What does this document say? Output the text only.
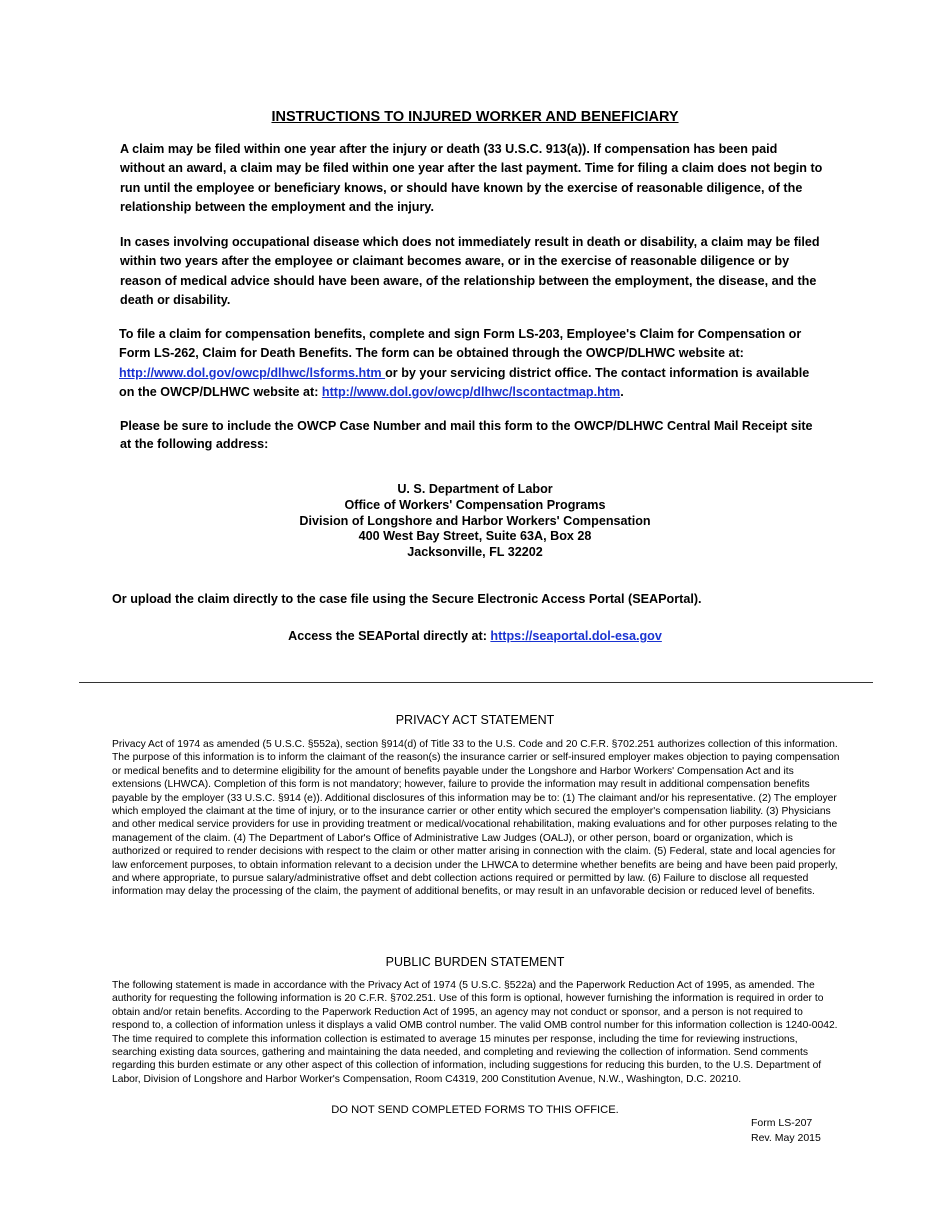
INSTRUCTIONS TO INJURED WORKER AND BENEFICIARY

A claim may be filed within one year after the injury or death (33 U.S.C. 913(a)). If compensation has been paid without an award, a claim may be filed within one year after the last payment. Time for filing a claim does not begin to run until the employee or beneficiary knows, or should have known by the exercise of reasonable diligence, of the relationship between the employment and the injury.

In cases involving occupational disease which does not immediately result in death or disability, a claim may be filed within two years after the employee or claimant becomes aware, or in the exercise of reasonable diligence or by reason of medical advice should have been aware, of the relationship between the employment, the disease, and the death or disability.

To file a claim for compensation benefits, complete and sign Form LS-203, Employee's Claim for Compensation or Form LS-262, Claim for Death Benefits. The form can be obtained through the OWCP/DLHWC website at: http://www.dol.gov/owcp/dlhwc/lsforms.htm or by your servicing district office. The contact information is available on the OWCP/DLHWC website at: http://www.dol.gov/owcp/dlhwc/lscontactmap.htm.

Please be sure to include the OWCP Case Number and mail this form to the OWCP/DLHWC Central Mail Receipt site at the following address:

U. S. Department of Labor
Office of Workers' Compensation Programs
Division of Longshore and Harbor Workers' Compensation
400 West Bay Street, Suite 63A, Box 28
Jacksonville, FL 32202
Or upload the claim directly to the case file using the Secure Electronic Access Portal (SEAPortal).
Access the SEAPortal directly at: https://seaportal.dol-esa.gov
PRIVACY ACT STATEMENT

Privacy Act of 1974 as amended (5 U.S.C. §552a), section §914(d) of Title 33 to the U.S. Code and 20 C.F.R. §702.251 authorizes collection of this information. The purpose of this information is to inform the claimant of the reason(s) the insurance carrier or self-insured employer makes objection to paying compensation or medical benefits and to determine eligibility for the amount of benefits payable under the Longshore and Harbor Workers' Compensation Act and its extensions (LHWCA). Completion of this form is not mandatory; however, failure to provide the information may result in additional compensation benefits payable by the employer (33 U.S.C. §914 (e)). Additional disclosures of this information may be to: (1) The claimant and/or his representative. (2) The employer which employed the claimant at the time of injury, or to the insurance carrier or other entity which secured the employer's compensation liability. (3) Physicians and other medical service providers for use in providing treatment or medical/vocational rehabilitation, making evaluations and for other purposes relating to the management of the claim. (4) The Department of Labor's Office of Administrative Law Judges (OALJ), or other person, board or organization, which is authorized or required to render decisions with respect to the claim or other matter arising in connection with the claim. (5) Federal, state and local agencies for law enforcement purposes, to obtain information relevant to a decision under the LHWCA to determine whether benefits are being and have been paid properly, and where appropriate, to pursue salary/administrative offset and debt collection actions required or permitted by law. (6) Failure to disclose all requested information may delay the processing of the claim, the payment of additional benefits, or may result in an unfavorable decision or reduced level of benefits.

PUBLIC BURDEN STATEMENT

The following statement is made in accordance with the Privacy Act of 1974 (5 U.S.C. §522a) and the Paperwork Reduction Act of 1995, as amended. The authority for requesting the following information is 20 C.F.R. §702.251. Use of this form is optional, however furnishing the information is required in order to obtain and/or retain benefits. According to the Paperwork Reduction Act of 1995, an agency may not conduct or sponsor, and a person is not required to respond to, a collection of information unless it displays a valid OMB control number. The valid OMB control number for this information collection is 1240-0042. The time required to complete this information collection is estimated to average 15 minutes per response, including the time for reviewing instructions, searching existing data sources, gathering and maintaining the data needed, and completing and reviewing the collection of information. Send comments regarding this burden estimate or any other aspect of this collection of information, including suggestions for reducing this burden, to the U.S. Department of Labor, Division of Longshore and Harbor Worker's Compensation, Room C4319, 200 Constitution Avenue, N.W., Washington, D.C. 20210.

DO NOT SEND COMPLETED FORMS TO THIS OFFICE.
Form LS-207
Rev. May 2015
